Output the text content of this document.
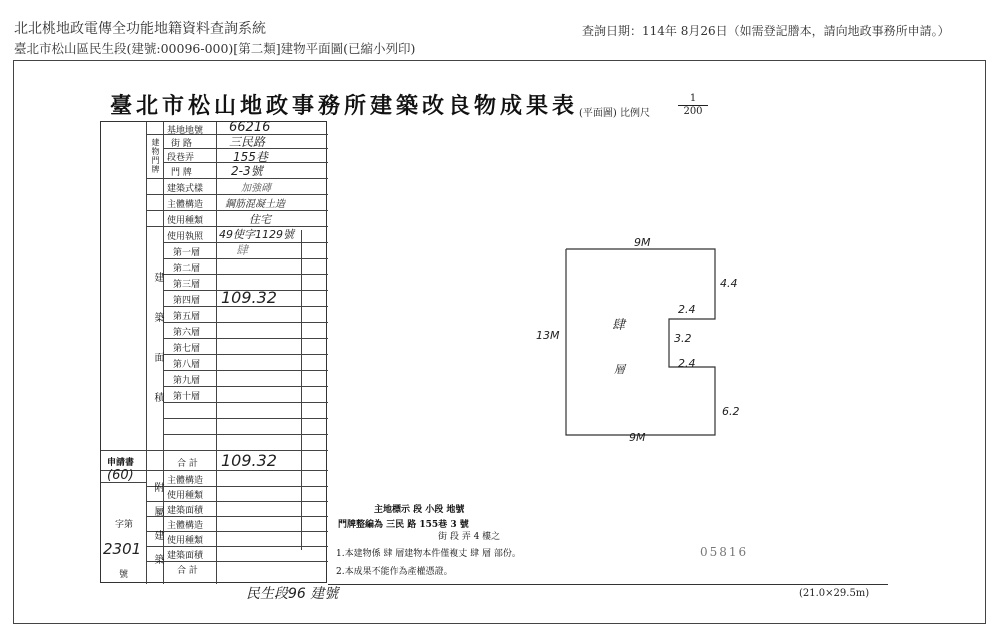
北北桃地政電傳全功能地籍資料查詢系統
臺北市松山區民生段(建號:00096-000)[第二類]建物平面圖(已縮小列印)
查詢日期：114年 8月26日（如需登記謄本，請向地政事務所申請。）
臺北市松山地政事務所建築改良物成果表 (平面圖) 比例尺	$\frac{1}{200}$
基地地號
建物門牌 街 路
段巷弄
門 牌
建築式樣
主體構造
使用種類
使用執照
建築面積
第一層
第二層
第三層
第四層
第五層
第六層
第七層
第八層
第九層
第十層
申請書	合 計
字第
號 附屬建築
主體構造
使用種類
建築面積
主體構造
使用種類
建築面積
合 計
66216
三民路
155巷
2-3號
加強磚
鋼筋混凝土造
住宅
49使字1129號
肆
109.32
109.32
(60)
2301
9M
4.4
2.4
3.2
2.4
13M
6.2
9M
肆
層
主地標示 段 小段 地號
門牌整編為 三民 路 155巷 3 號
街 段 弄 4 樓之
1.本建物係 肆 層建物本件僅複丈 肆 層 部份。
2.本成果不能作為產權憑證。
05816
(21.0×29.5m)
民生段96 建號
